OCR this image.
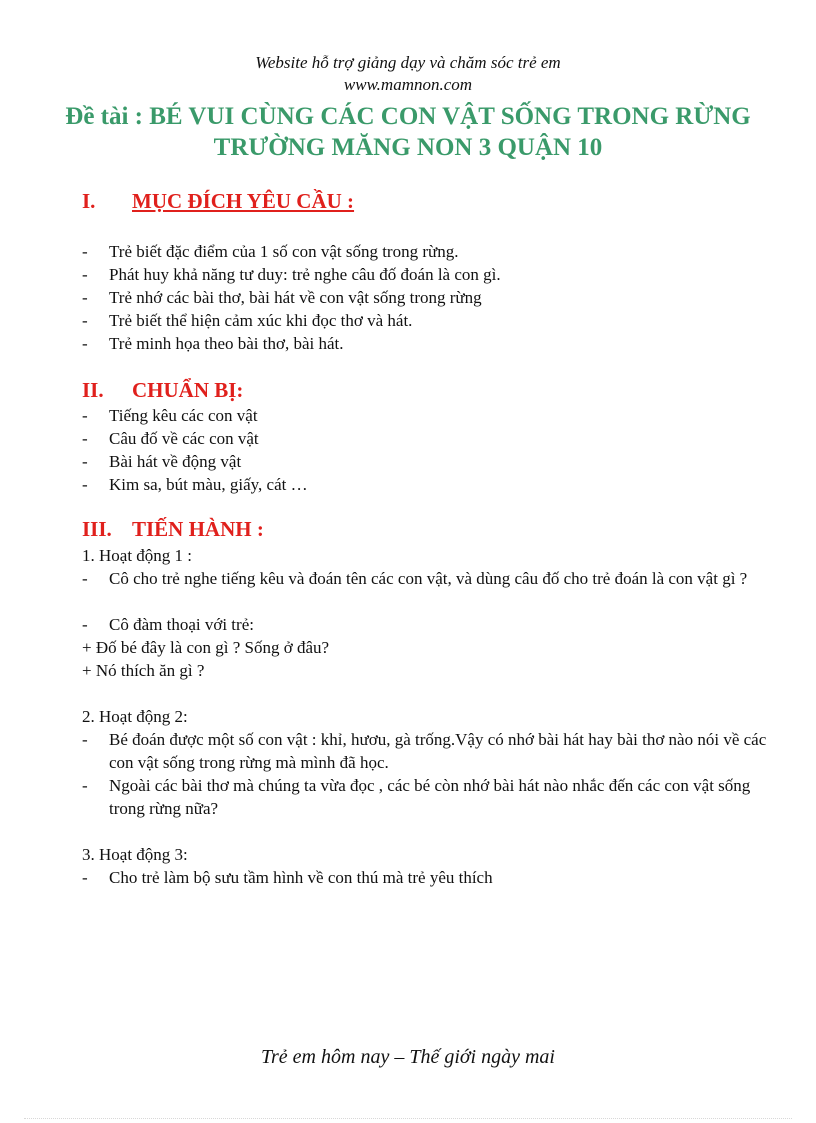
Website hỗ trợ giảng dạy và chăm sóc trẻ em
www.mamnon.com
Đề tài : BÉ VUI CÙNG CÁC CON VẬT SỐNG TRONG RỪNG
TRƯỜNG MĂNG NON 3 QUẬN 10
I. MỤC ĐÍCH YÊU CẦU :
- Trẻ biết đặc điểm của 1 số con vật sống trong rừng.
- Phát huy khả năng tư duy: trẻ nghe câu đố đoán là con gì.
- Trẻ nhớ các bài thơ, bài hát về con vật sống trong rừng
- Trẻ biết thể hiện cảm xúc khi đọc thơ và hát.
- Trẻ minh họa theo bài thơ, bài hát.
II. CHUẨN BỊ:
- Tiếng kêu các con vật
- Câu đố về các con vật
- Bài hát về động vật
- Kim sa, bút màu, giấy, cát …
III. TIẾN HÀNH :
1. Hoạt động 1 :
- Cô cho trẻ nghe tiếng kêu và đoán tên các con vật, và dùng câu đố cho trẻ đoán là con vật gì ?
- Cô đàm thoại với trẻ:
+ Đố bé đây là con gì ? Sống ở đâu?
+ Nó thích ăn gì ?
2. Hoạt động 2:
- Bé đoán được một số con vật : khỉ, hươu, gà trống.Vậy có nhớ bài hát hay bài thơ nào nói về các con vật sống trong rừng mà mình đã học.
- Ngoài các bài thơ mà chúng ta vừa đọc , các bé còn nhớ bài hát nào nhắc đến các con vật sống trong rừng nữa?
3. Hoạt động 3:
- Cho trẻ làm bộ sưu tầm hình về con thú mà trẻ yêu thích
Trẻ em hôm nay – Thế giới ngày mai
